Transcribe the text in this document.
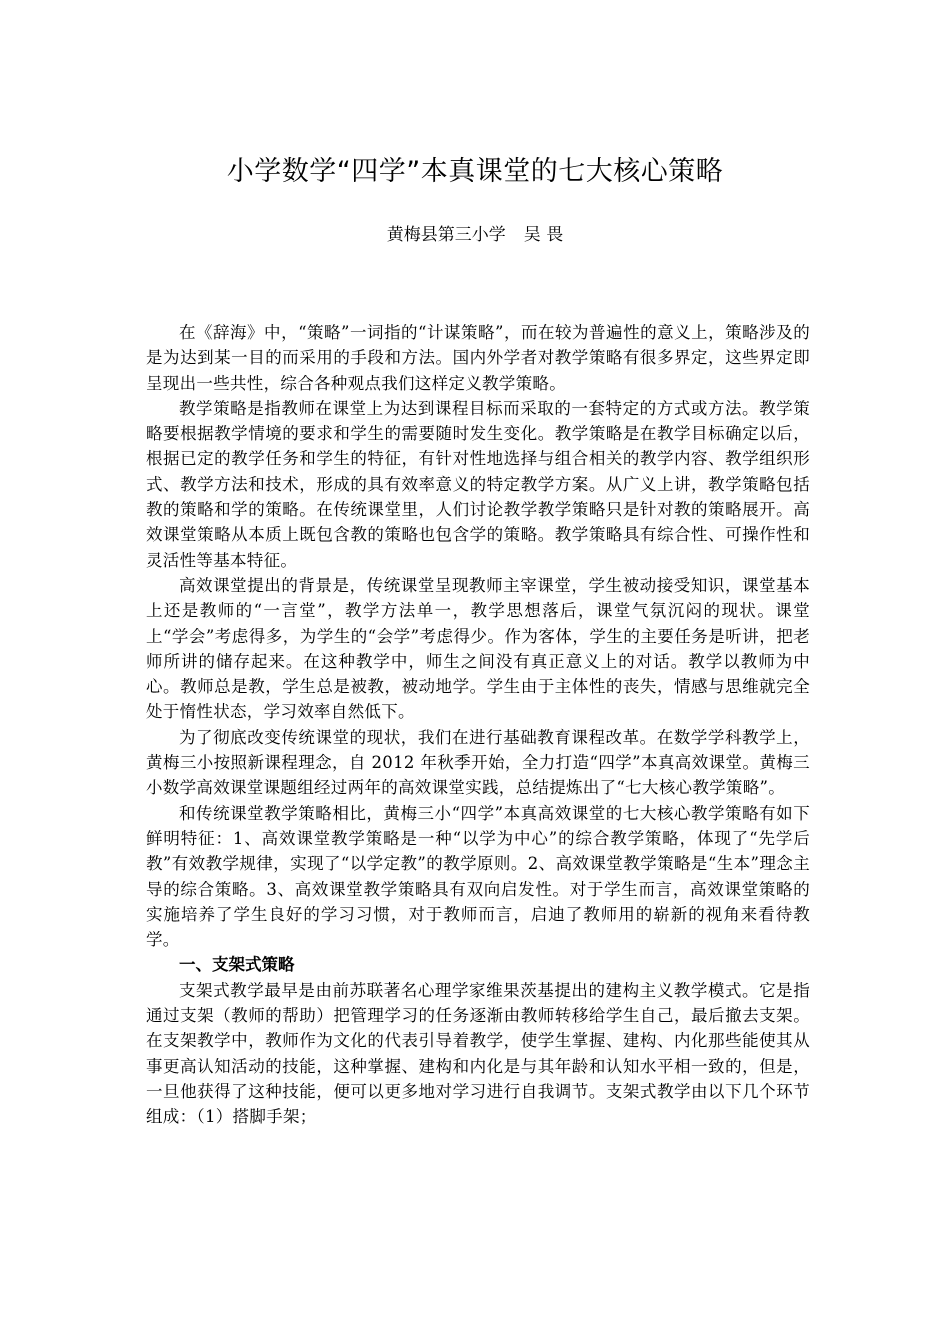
小学数学“四学”本真课堂的七大核心策略
黄梅县第三小学 吴 畏

在《辞海》中，“策略”一词指的“计谋策略”，而在较为普遍性的意义上，策略涉及的是为达到某一目的而采用的手段和方法。国内外学者对教学策略有很多界定，这些界定即呈现出一些共性，综合各种观点我们这样定义教学策略。

教学策略是指教师在课堂上为达到课程目标而采取的一套特定的方式或方法。教学策略要根据教学情境的要求和学生的需要随时发生变化。教学策略是在教学目标确定以后，根据已定的教学任务和学生的特征，有针对性地选择与组合相关的教学内容、教学组织形式、教学方法和技术，形成的具有效率意义的特定教学方案。从广义上讲，教学策略包括教的策略和学的策略。在传统课堂里，人们讨论教学教学策略只是针对教的策略展开。高效课堂策略从本质上既包含教的策略也包含学的策略。教学策略具有综合性、可操作性和灵活性等基本特征。

高效课堂提出的背景是，传统课堂呈现教师主宰课堂，学生被动接受知识，课堂基本上还是教师的“一言堂”，教学方法单一，教学思想落后，课堂气氛沉闷的现状。课堂上“学会”考虑得多，为学生的“会学”考虑得少。作为客体，学生的主要任务是听讲，把老师所讲的储存起来。在这种教学中，师生之间没有真正意义上的对话。教学以教师为中心。教师总是教，学生总是被教，被动地学。学生由于主体性的丧失，情感与思维就完全处于惰性状态，学习效率自然低下。

为了彻底改变传统课堂的现状，我们在进行基础教育课程改革。在数学学科教学上，黄梅三小按照新课程理念，自 2012 年秋季开始，全力打造“四学”本真高效课堂。黄梅三小数学高效课堂课题组经过两年的高效课堂实践，总结提炼出了“七大核心教学策略”。

和传统课堂教学策略相比，黄梅三小“四学”本真高效课堂的七大核心教学策略有如下鲜明特征：1、高效课堂教学策略是一种“以学为中心”的综合教学策略，体现了“先学后教”有效教学规律，实现了“以学定教”的教学原则。2、高效课堂教学策略是“生本”理念主导的综合策略。3、高效课堂教学策略具有双向启发性。对于学生而言，高效课堂策略的实施培养了学生良好的学习习惯，对于教师而言，启迪了教师用的崭新的视角来看待教学。

一、支架式策略

支架式教学最早是由前苏联著名心理学家维果茨基提出的建构主义教学模式。它是指通过支架（教师的帮助）把管理学习的任务逐渐由教师转移给学生自己，最后撤去支架。在支架教学中，教师作为文化的代表引导着教学，使学生掌握、建构、内化那些能使其从事更高认知活动的技能，这种掌握、建构和内化是与其年龄和认知水平相一致的，但是，一旦他获得了这种技能，便可以更多地对学习进行自我调节。支架式教学由以下几个环节组成：（1）搭脚手架；
